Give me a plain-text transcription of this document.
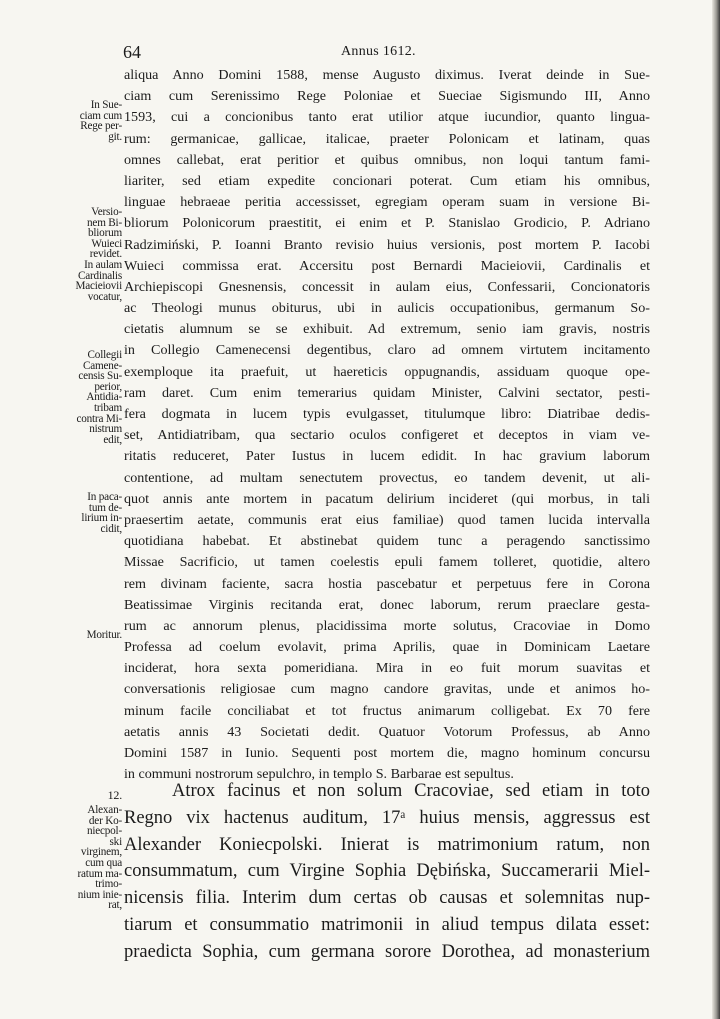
64	Annus 1612.
In Sue-
ciam cum
Rege per-
git.
Versio-
nem Bi-
bliorum
Wuieci
revidet.
In aulam
Cardinalis
Macieiovii
vocatur,
Collegii
Camene-
censis Su-
perior,
Antidia-
tribam
contra Mi-
nistrum
edit,
In paca-
tum de-
lirium in-
cidit,
Moritur.
12.
Alexan-
der Ko-
niecpol-
ski
virginem,
cum qua
ratum ma-
trimo-
nium inie-
rat,
aliqua Anno Domini 1588, mense Augusto diximus. Iverat deinde in Sue-
ciam cum Serenissimo Rege Poloniae et Sueciae Sigismundo III, Anno
1593, cui a concionibus tanto erat utilior atque iucundior, quanto lingua-
rum: germanicae, gallicae, italicae, praeter Polonicam et latinam, quas
omnes callebat, erat peritior et quibus omnibus, non loqui tantum fami-
liariter, sed etiam expedite concionari poterat. Cum etiam his omnibus,
linguae hebraeae peritia accessisset, egregiam operam suam in versione Bi-
bliorum Polonicorum praestitit, ei enim et P. Stanislao Grodicio, P. Adriano
Radzimiński, P. Ioanni Branto revisio huius versionis, post mortem P. Iacobi
Wuieci commissa erat. Accersitu post Bernardi Macieiovii, Cardinalis et
Archiepiscopi Gnesnensis, concessit in aulam eius, Confessarii, Concionatoris
ac Theologi munus obiturus, ubi in aulicis occupationibus, germanum So-
cietatis alumnum se se exhibuit. Ad extremum, senio iam gravis, nostris
in Collegio Camenecensi degentibus, claro ad omnem virtutem incitamento
exemploque ita praefuit, ut haereticis oppugnandis, assiduam quoque ope-
ram daret. Cum enim temerarius quidam Minister, Calvini sectator, pesti-
fera dogmata in lucem typis evulgasset, titulumque libro: Diatribae dedis-
set, Antidiatribam, qua sectario oculos configeret et deceptos in viam ve-
ritatis reduceret, Pater Iustus in lucem edidit. In hac gravium laborum
contentione, ad multam senectutem provectus, eo tandem devenit, ut ali-
quot annis ante mortem in pacatum delirium incideret (qui morbus, in tali
praesertim aetate, communis erat eius familiae) quod tamen lucida intervalla
quotidiana habebat. Et abstinebat quidem tunc a peragendo sanctissimo
Missae Sacrificio, ut tamen coelestis epuli famem tolleret, quotidie, altero
rem divinam faciente, sacra hostia pascebatur et perpetuus fere in Corona
Beatissimae Virginis recitanda erat, donec laborum, rerum praeclare gesta-
rum ac annorum plenus, placidissima morte solutus, Cracoviae in Domo
Professa ad coelum evolavit, prima Aprilis, quae in Dominicam Laetare
inciderat, hora sexta pomeridiana. Mira in eo fuit morum suavitas et
conversationis religiosae cum magno candore gravitas, unde et animos ho-
minum facile conciliabat et tot fructus animarum colligebat. Ex 70 fere
aetatis annis 43 Societati dedit. Quatuor Votorum Professus, ab Anno
Domini 1587 in Iunio. Sequenti post mortem die, magno hominum concursu
in communi nostrorum sepulchro, in templo S. Barbarae est sepultus.
Atrox facinus et non solum Cracoviae, sed etiam in toto
Regno vix hactenus auditum, 17ᵃ huius mensis, aggressus est
Alexander Koniecpolski. Inierat is matrimonium ratum, non
consummatum, cum Virgine Sophia Dębińska, Succamerarii Miel-
nicensis filia. Interim dum certas ob causas et solemnitas nup-
tiarum et consummatio matrimonii in aliud tempus dilata esset:
praedicta Sophia, cum germana sorore Dorothea, ad monasterium
